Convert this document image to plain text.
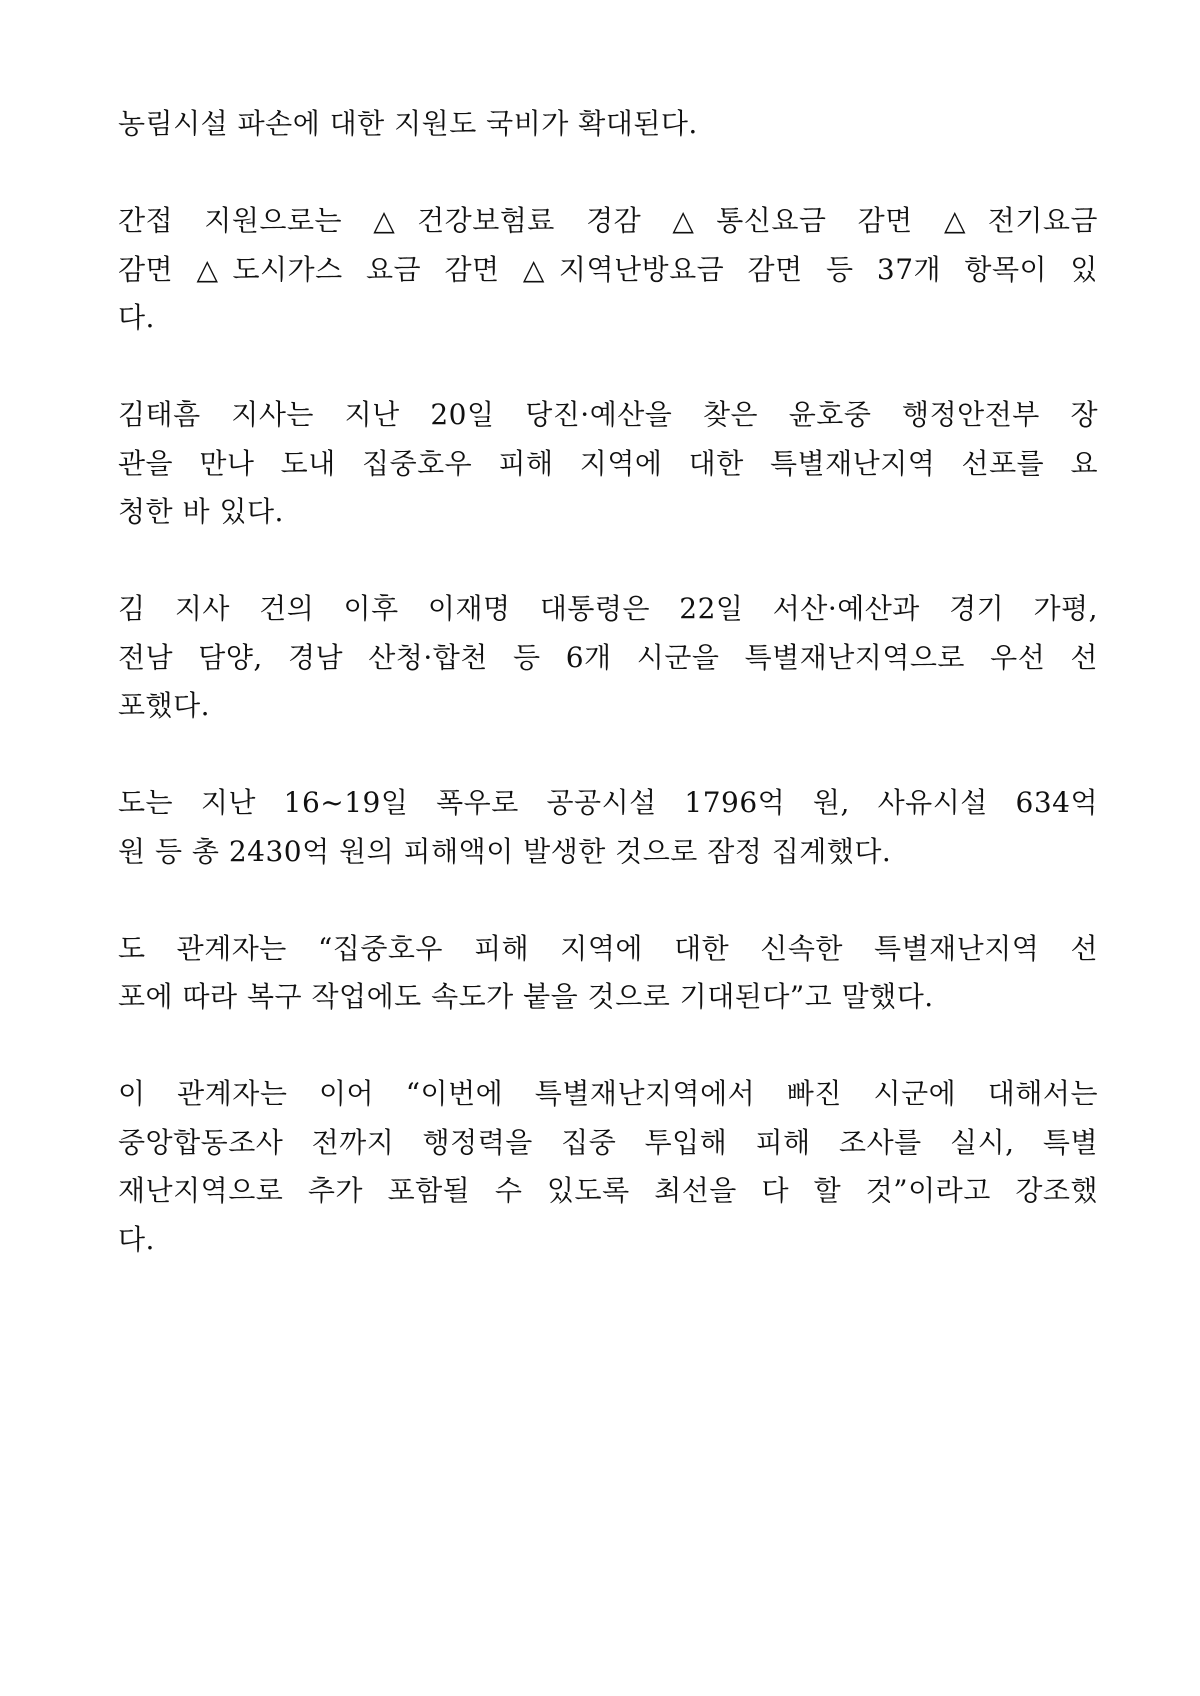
농림시설 파손에 대한 지원도 국비가 확대된다.
간접 지원으로는 △건강보험료 경감 △통신요금 감면 △전기요금
감면 △도시가스 요금 감면 △지역난방요금 감면 등 37개 항목이 있
다.
김태흠 지사는 지난 20일 당진·예산을 찾은 윤호중 행정안전부 장
관을 만나 도내 집중호우 피해 지역에 대한 특별재난지역 선포를 요
청한 바 있다.
김 지사 건의 이후 이재명 대통령은 22일 서산·예산과 경기 가평,
전남 담양, 경남 산청·합천 등 6개 시군을 특별재난지역으로 우선 선
포했다.
도는 지난 16~19일 폭우로 공공시설 1796억 원, 사유시설 634억
원 등 총 2430억 원의 피해액이 발생한 것으로 잠정 집계했다.
도 관계자는 “집중호우 피해 지역에 대한 신속한 특별재난지역 선
포에 따라 복구 작업에도 속도가 붙을 것으로 기대된다”고 말했다.
이 관계자는 이어 “이번에 특별재난지역에서 빠진 시군에 대해서는
중앙합동조사 전까지 행정력을 집중 투입해 피해 조사를 실시, 특별
재난지역으로 추가 포함될 수 있도록 최선을 다 할 것”이라고 강조했
다.
